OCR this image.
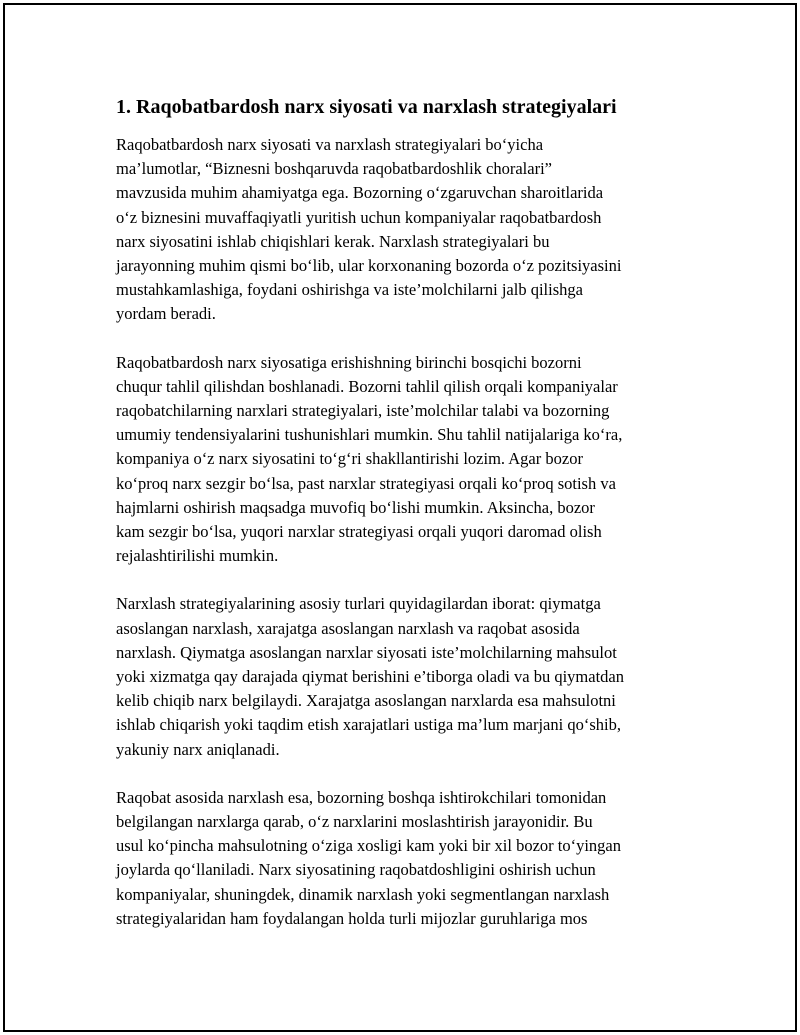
1. Raqobatbardosh narx siyosati va narxlash strategiyalari

Raqobatbardosh narx siyosati va narxlash strategiyalari bo‘yicha
ma’lumotlar, “Biznesni boshqaruvda raqobatbardoshlik choralari”
mavzusida muhim ahamiyatga ega. Bozorning o‘zgaruvchan sharoitlarida
o‘z biznesini muvaffaqiyatli yuritish uchun kompaniyalar raqobatbardosh
narx siyosatini ishlab chiqishlari kerak. Narxlash strategiyalari bu
jarayonning muhim qismi bo‘lib, ular korxonaning bozorda o‘z pozitsiyasini
mustahkamlashiga, foydani oshirishga va iste’molchilarni jalb qilishga
yordam beradi.

Raqobatbardosh narx siyosatiga erishishning birinchi bosqichi bozorni
chuqur tahlil qilishdan boshlanadi. Bozorni tahlil qilish orqali kompaniyalar
raqobatchilarning narxlari strategiyalari, iste’molchilar talabi va bozorning
umumiy tendensiyalarini tushunishlari mumkin. Shu tahlil natijalariga ko‘ra,
kompaniya o‘z narx siyosatini to‘g‘ri shakllantirishi lozim. Agar bozor
ko‘proq narx sezgir bo‘lsa, past narxlar strategiyasi orqali ko‘proq sotish va
hajmlarni oshirish maqsadga muvofiq bo‘lishi mumkin. Aksincha, bozor
kam sezgir bo‘lsa, yuqori narxlar strategiyasi orqali yuqori daromad olish
rejalashtirilishi mumkin.

Narxlash strategiyalarining asosiy turlari quyidagilardan iborat: qiymatga
asoslangan narxlash, xarajatga asoslangan narxlash va raqobat asosida
narxlash. Qiymatga asoslangan narxlar siyosati iste’molchilarning mahsulot
yoki xizmatga qay darajada qiymat berishini e’tiborga oladi va bu qiymatdan
kelib chiqib narx belgilaydi. Xarajatga asoslangan narxlarda esa mahsulotni
ishlab chiqarish yoki taqdim etish xarajatlari ustiga ma’lum marjani qo‘shib,
yakuniy narx aniqlanadi.

Raqobat asosida narxlash esa, bozorning boshqa ishtirokchilari tomonidan
belgilangan narxlarga qarab, o‘z narxlarini moslashtirish jarayonidir. Bu
usul ko‘pincha mahsulotning o‘ziga xosligi kam yoki bir xil bozor to‘yingan
joylarda qo‘llaniladi. Narx siyosatining raqobatdoshligini oshirish uchun
kompaniyalar, shuningdek, dinamik narxlash yoki segmentlangan narxlash
strategiyalaridan ham foydalangan holda turli mijozlar guruhlariga mos
